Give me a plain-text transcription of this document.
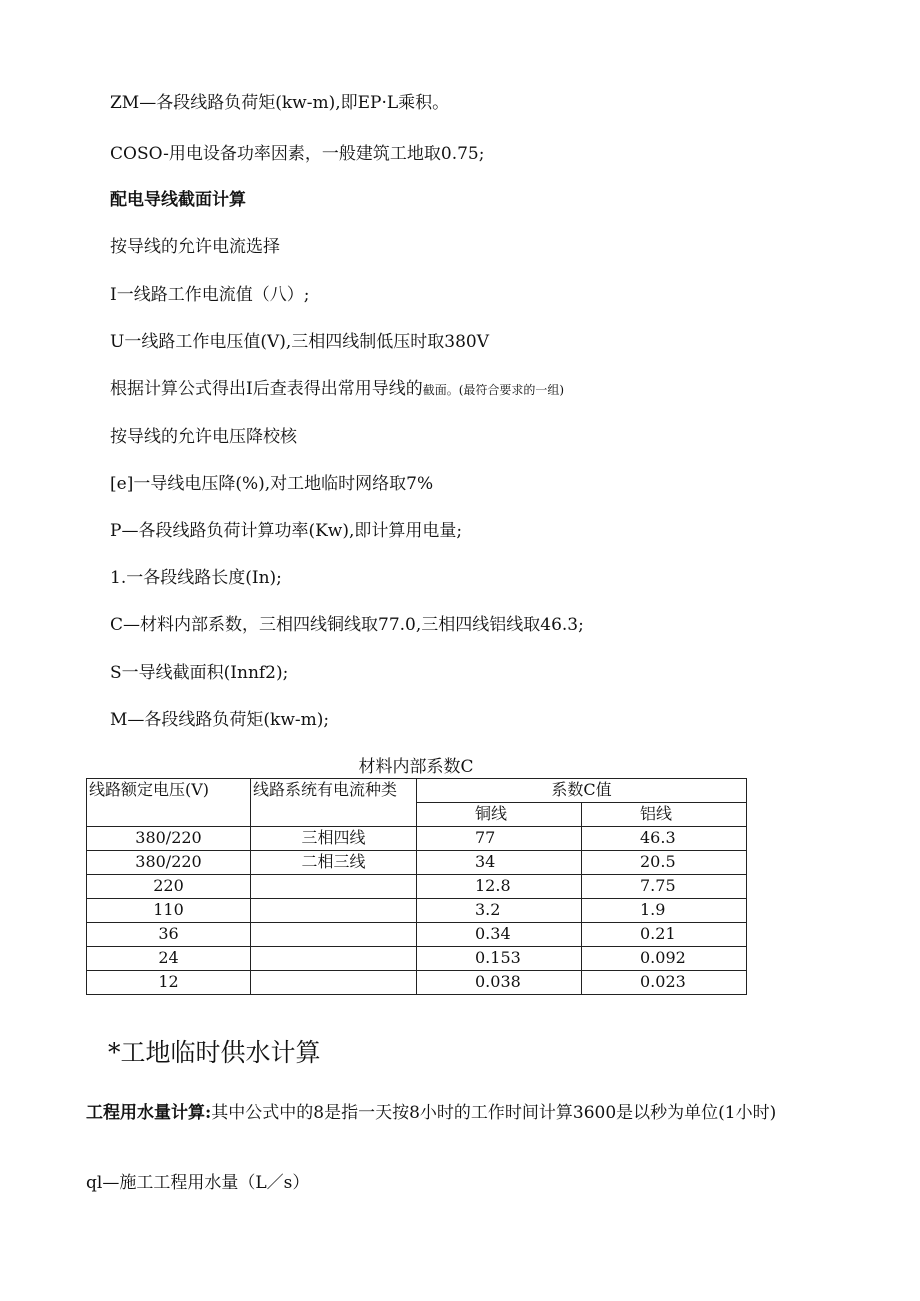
ZM—各段线路负荷矩(kw-m),即EP·L乘积。
COSO-用电设备功率因素，一般建筑工地取0.75;
配电导线截面计算
按导线的允许电流选择
I一线路工作电流值（八）;
U一线路工作电压值(V),三相四线制低压时取380V
根据计算公式得出I后查表得出常用导线的截面。(最符合要求的一组)
按导线的允许电压降校核
[e]一导线电压降(%),对工地临时网络取7%
P—各段线路负荷计算功率(Kw),即计算用电量;
1.一各段线路长度(In);
C—材料内部系数，三相四线铜线取77.0,三相四线铝线取46.3;
S一导线截面积(Innf2);
M—各段线路负荷矩(kw-m);
材料内部系数C
线路额定电压(V)	线路系统有电流种类	系数C值	
		铜线	铝线
380/220	三相四线	77	46.3
380/220	二相三线	34	20.5
220		12.8	7.75
110		3.2	1.9
36		0.34	0.21
24		0.153	0.092
12		0.038	0.023
*工地临时供水计算
工程用水量计算:其中公式中的8是指一天按8小时的工作时间计算3600是以秒为单位(1小时)
ql—施工工程用水量（L／s）
